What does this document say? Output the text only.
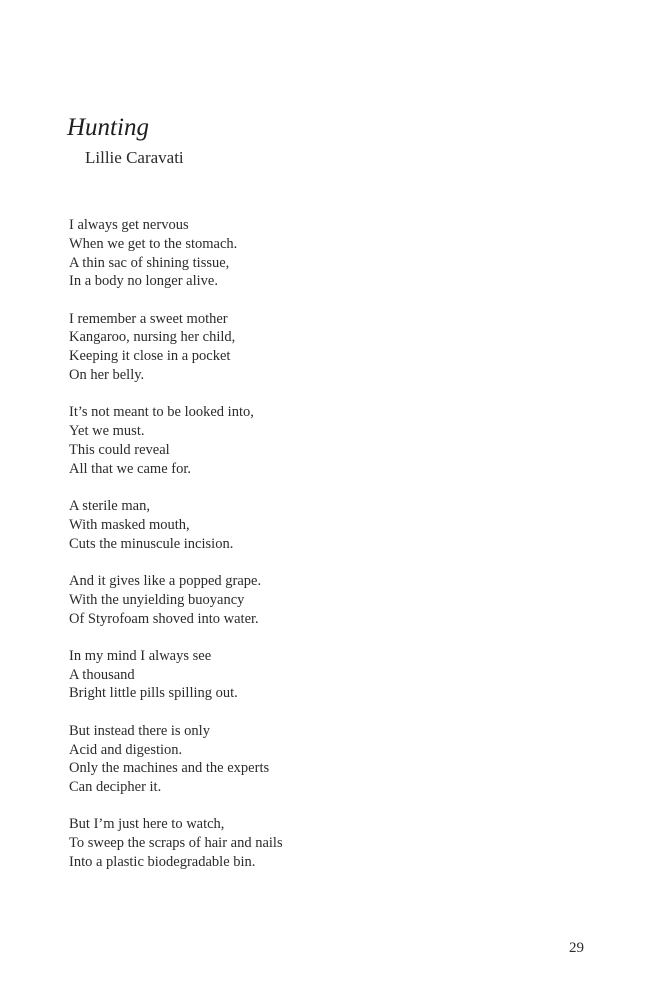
Hunting
Lillie Caravati
I always get nervous
When we get to the stomach.
A thin sac of shining tissue,
In a body no longer alive.
I remember a sweet mother
Kangaroo, nursing her child,
Keeping it close in a pocket
On her belly.
It’s not meant to be looked into,
Yet we must.
This could reveal
All that we came for.
A sterile man,
With masked mouth,
Cuts the minuscule incision.
And it gives like a popped grape.
With the unyielding buoyancy
Of Styrofoam shoved into water.
In my mind I always see
A thousand
Bright little pills spilling out.
But instead there is only
Acid and digestion.
Only the machines and the experts
Can decipher it.
But I’m just here to watch,
To sweep the scraps of hair and nails
Into a plastic biodegradable bin.
29
